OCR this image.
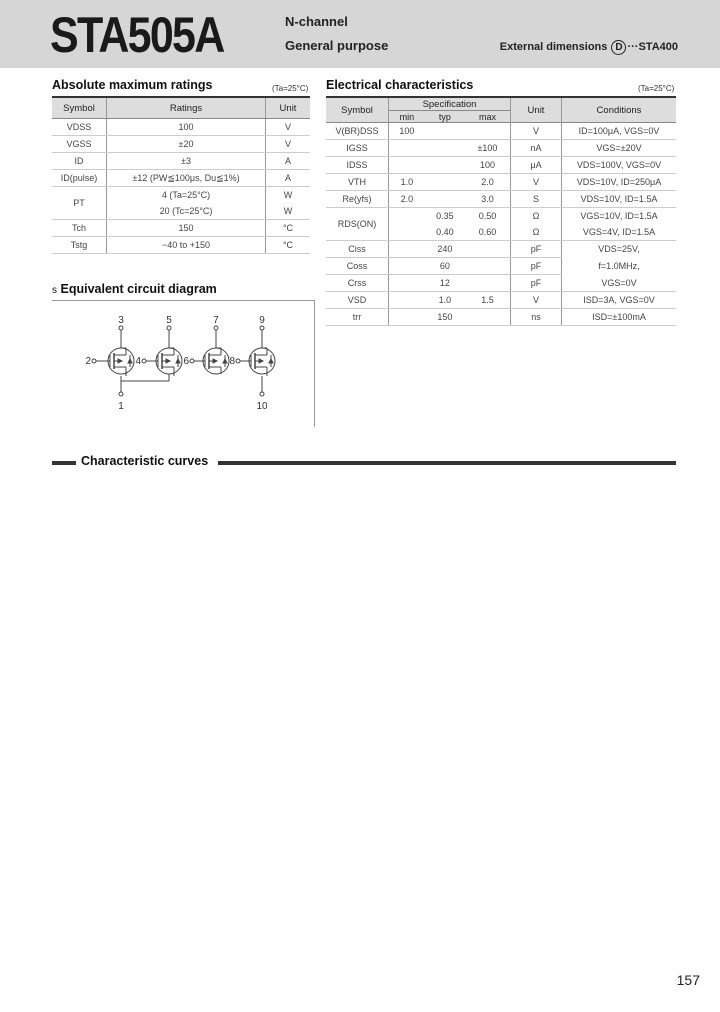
STA505A	N-channel
General purpose	External dimensions D ···STA400
Absolute maximum ratings	(Ta=25°C)
Symbol	Ratings	Unit
VDSS	100	V
VGSS	±20	V
ID	±3	A
ID(pulse)	±12 (PW≦100μs, Du≦1%)	A
PT	4 (Ta=25°C)	W
	20 (Tc=25°C)	W
Tch	150	°C
Tstg	−40 to +150	°C
Electrical characteristics	(Ta=25°C)
Symbol	Specification			Unit	Conditions
	min	typ	max		
V(BR)DSS	100			V	ID=100μA, VGS=0V
IGSS			±100	nA	VGS=±20V
IDSS			100	μA	VDS=100V, VGS=0V
VTH	1.0		2.0	V	VDS=10V, ID=250μA
Re(yfs)	2.0		3.0	S	VDS=10V, ID=1.5A
RDS(ON)		0.35	0.50	Ω	VGS=10V, ID=1.5A
		0.40	0.60	Ω	VGS=4V, ID=1.5A
Ciss		240		pF	VDS=25V,
Coss		60		pF	f=1.0MHz,
Crss		12		pF	VGS=0V
VSD		1.0	1.5	V	ISD=3A, VGS=0V
trr		150		ns	ISD=±100mA
s Equivalent circuit diagram
3	5	7	9
2	4	6	8
1	10
Characteristic curves
157
